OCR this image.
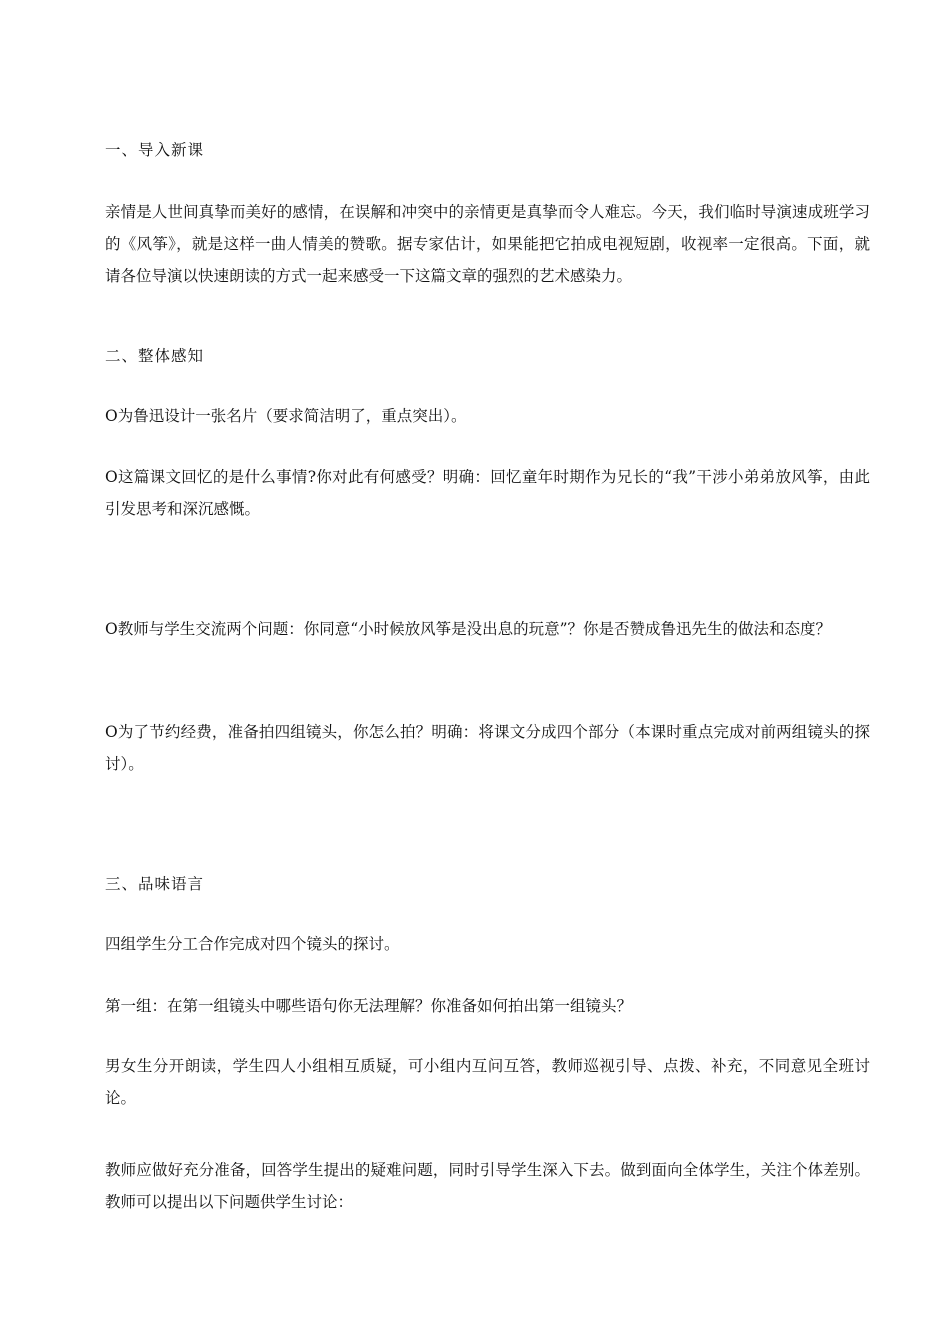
一、导入新课

亲情是人世间真挚而美好的感情，在误解和冲突中的亲情更是真挚而令人难忘。今天，我们临时导演速成班学习的《风筝》，就是这样一曲人情美的赞歌。据专家估计，如果能把它拍成电视短剧，收视率一定很高。下面，就请各位导演以快速朗读的方式一起来感受一下这篇文章的强烈的艺术感染力。

二、整体感知

O为鲁迅设计一张名片（要求简洁明了，重点突出）。

O这篇课文回忆的是什么事情?你对此有何感受？明确：回忆童年时期作为兄长的“我”干涉小弟弟放风筝，由此引发思考和深沉感慨。

O教师与学生交流两个问题：你同意“小时候放风筝是没出息的玩意”？你是否赞成鲁迅先生的做法和态度？

O为了节约经费，准备拍四组镜头，你怎么拍？明确：将课文分成四个部分（本课时重点完成对前两组镜头的探讨）。

三、品味语言

四组学生分工合作完成对四个镜头的探讨。

第一组：在第一组镜头中哪些语句你无法理解？你准备如何拍出第一组镜头？

男女生分开朗读，学生四人小组相互质疑，可小组内互问互答，教师巡视引导、点拨、补充，不同意见全班讨论。

教师应做好充分准备，回答学生提出的疑难问题，同时引导学生深入下去。做到面向全体学生，关注个体差别。教师可以提出以下问题供学生讨论：
